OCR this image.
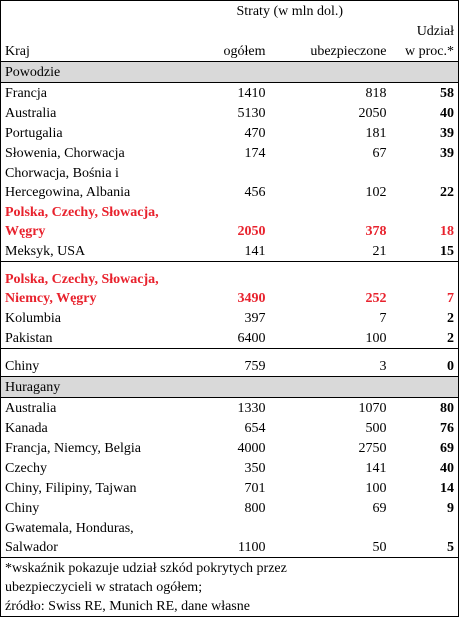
	Straty (w mln dol.)		
			Udział
Kraj	ogółem	ubezpieczone	w proc.*
Powodzie			
Francja	1410	818	58
Australia	5130	2050	40
Portugalia	470	181	39
Słowenia, Chorwacja	174	67	39
Chorwacja, Bośnia i
Hercegowina, Albania	456	102	22
Polska, Czechy, Słowacja,
Węgry	2050	378	18
Meksyk, USA	141	21	15
Polska, Czechy, Słowacja,
Niemcy, Węgry	3490	252	7
Kolumbia	397	7	2
Pakistan	6400	100	2
Chiny	759	3	0
Huragany			
Australia	1330	1070	80
Kanada	654	500	76
Francja, Niemcy, Belgia	4000	2750	69
Czechy	350	141	40
Chiny, Filipiny, Tajwan	701	100	14
Chiny	800	69	9
Gwatemala, Honduras,
Salwador	1100	50	5
*wskaźnik pokazuje udział szkód pokrytych przez
ubezpieczycieli w stratach ogółem;
źródło: Swiss RE, Munich RE, dane własne			
